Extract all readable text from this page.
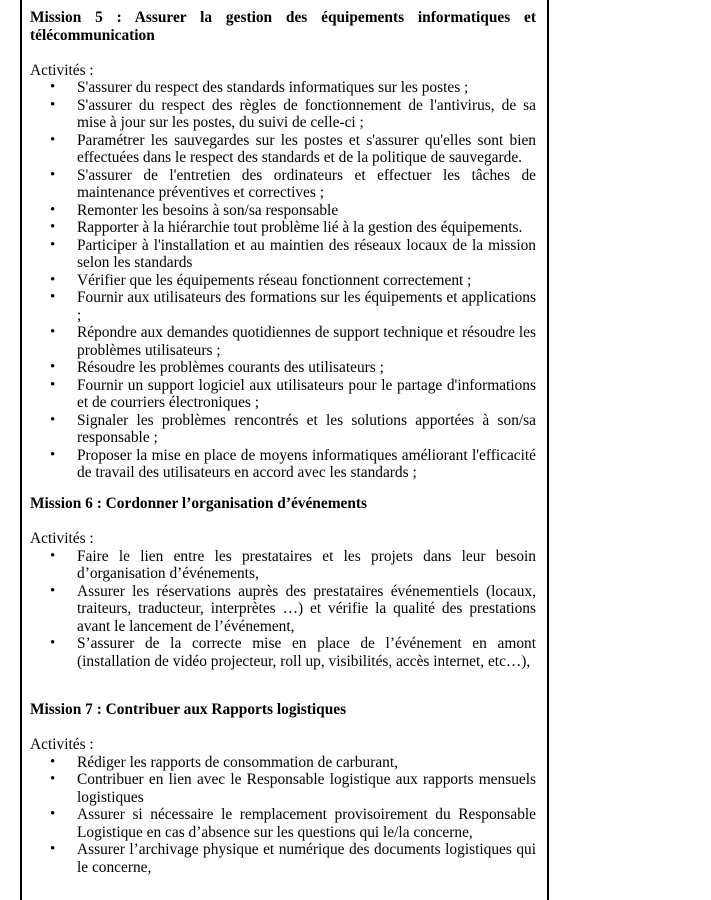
Mission 5 : Assurer la gestion des équipements informatiques et télécommunication

Activités :

• S'assurer du respect des standards informatiques sur les postes ;
• S'assurer du respect des règles de fonctionnement de l'antivirus, de sa mise à jour sur les postes, du suivi de celle-ci ;
• Paramétrer les sauvegardes sur les postes et s'assurer qu'elles sont bien effectuées dans le respect des standards et de la politique de sauvegarde.
• S'assurer de l'entretien des ordinateurs et effectuer les tâches de maintenance préventives et correctives ;
• Remonter les besoins à son/sa responsable
• Rapporter à la hiérarchie tout problème lié à la gestion des équipements.
• Participer à l'installation et au maintien des réseaux locaux de la mission selon les standards
• Vérifier que les équipements réseau fonctionnent correctement ;
• Fournir aux utilisateurs des formations sur les équipements et applications ;
• Répondre aux demandes quotidiennes de support technique et résoudre les problèmes utilisateurs ;
• Résoudre les problèmes courants des utilisateurs ;
• Fournir un support logiciel aux utilisateurs pour le partage d'informations et de courriers électroniques ;
• Signaler les problèmes rencontrés et les solutions apportées à son/sa responsable ;
• Proposer la mise en place de moyens informatiques améliorant l'efficacité de travail des utilisateurs en accord avec les standards ;

Mission 6 : Cordonner l’organisation d’événements

Activités :

• Faire le lien entre les prestataires et les projets dans leur besoin d’organisation d’événements,
• Assurer les réservations auprès des prestataires événementiels (locaux, traiteurs, traducteur, interprètes …) et vérifie la qualité des prestations avant le lancement de l’événement,
• S’assurer de la correcte mise en place de l’événement en amont (installation de vidéo projecteur, roll up, visibilités, accès internet, etc…),

Mission 7 : Contribuer aux Rapports logistiques

Activités :

• Rédiger les rapports de consommation de carburant,
• Contribuer en lien avec le Responsable logistique aux rapports mensuels logistiques
• Assurer si nécessaire le remplacement provisoirement du Responsable Logistique en cas d’absence sur les questions qui le/la concerne,
• Assurer l’archivage physique et numérique des documents logistiques qui le concerne,
